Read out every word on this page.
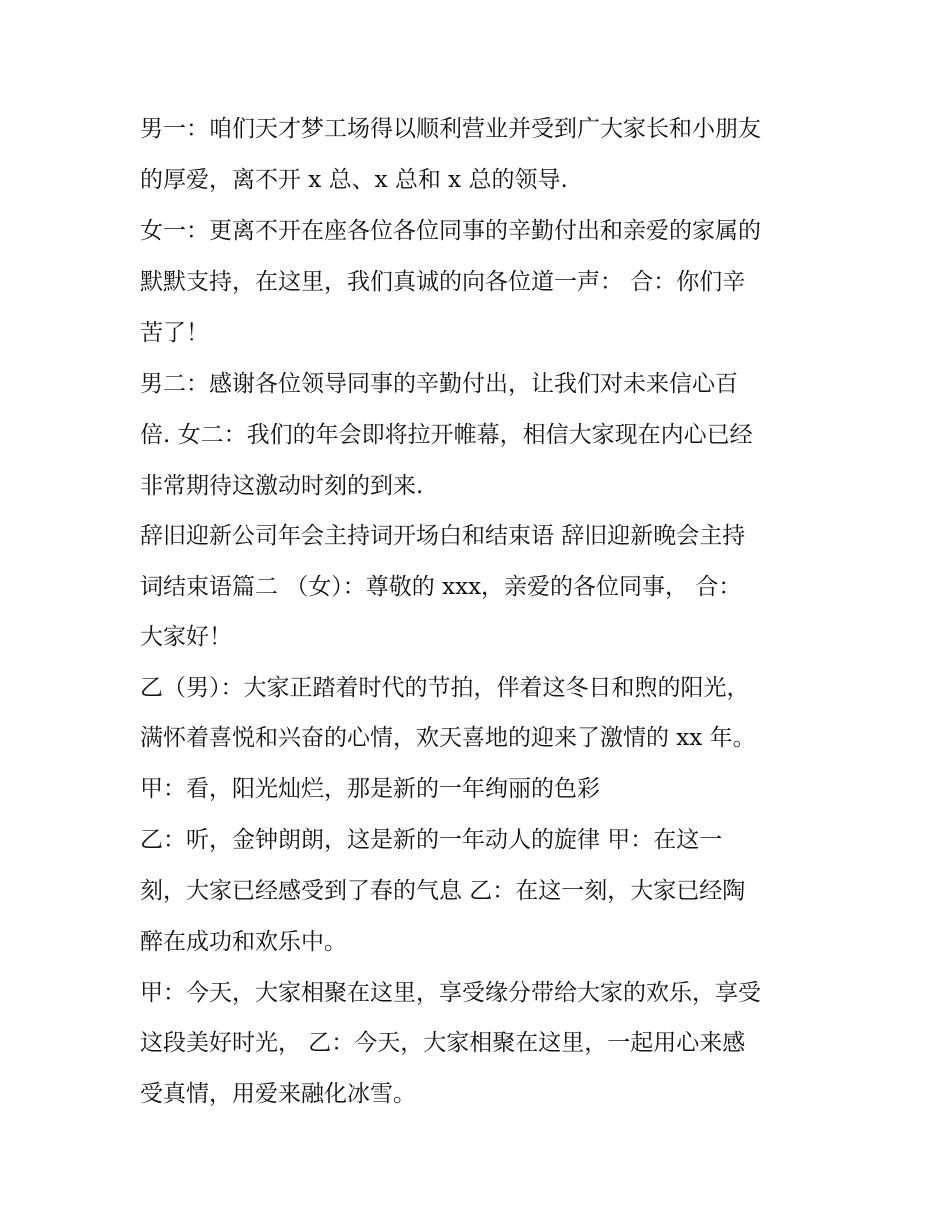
男一：咱们天才梦工场得以顺利营业并受到广大家长和小朋友
的厚爱，离不开 x 总、x 总和 x 总的领导.
女一：更离不开在座各位各位同事的辛勤付出和亲爱的家属的
默默支持，在这里，我们真诚的向各位道一声： 合：你们辛
苦了！
男二：感谢各位领导同事的辛勤付出，让我们对未来信心百
倍. 女二：我们的年会即将拉开帷幕，相信大家现在内心已经
非常期待这激动时刻的到来.
辞旧迎新公司年会主持词开场白和结束语 辞旧迎新晚会主持
词结束语篇二 （女）：尊敬的 xxx，亲爱的各位同事， 合：
大家好！
乙（男）：大家正踏着时代的节拍，伴着这冬日和煦的阳光，
满怀着喜悦和兴奋的心情，欢天喜地的迎来了激情的 xx 年。
甲：看，阳光灿烂，那是新的一年绚丽的色彩
乙：听，金钟朗朗，这是新的一年动人的旋律 甲：在这一
刻，大家已经感受到了春的气息 乙：在这一刻，大家已经陶
醉在成功和欢乐中。
甲：今天，大家相聚在这里，享受缘分带给大家的欢乐，享受
这段美好时光， 乙：今天，大家相聚在这里，一起用心来感
受真情，用爱来融化冰雪。
